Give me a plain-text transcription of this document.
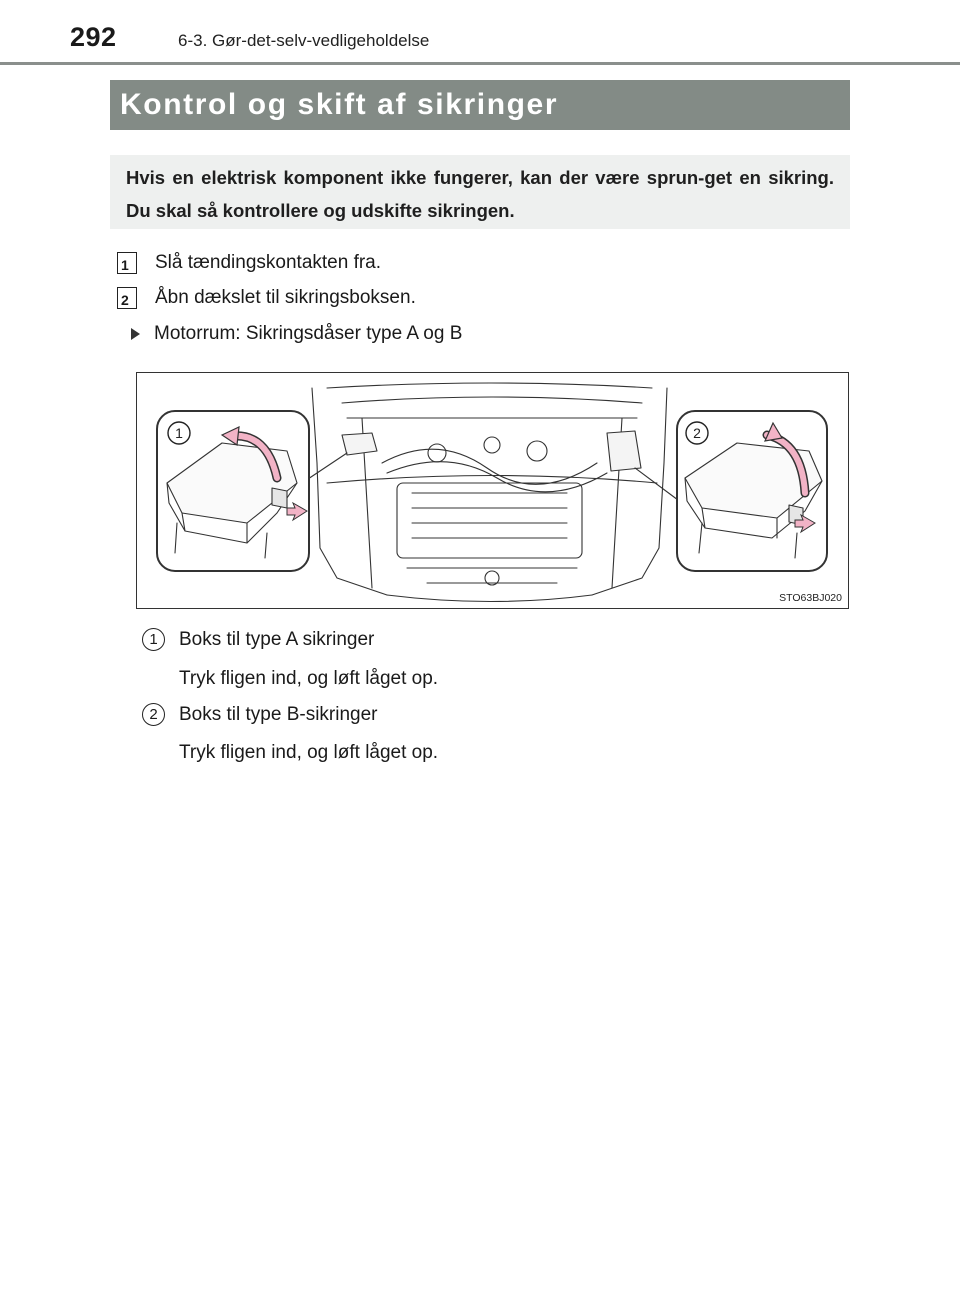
292	6-3. Gør-det-selv-vedligeholdelse
Kontrol og skift af sikringer
Hvis en elektrisk komponent ikke fungerer, kan der være sprun-get en sikring. Du skal så kontrollere og udskifte sikringen.
1	Slå tændingskontakten fra.
2	Åbn dækslet til sikringsboksen.
Motorrum: Sikringsdåser type A og B
1	2
STO63BJ020
1	Boks til type A sikringer
Tryk fligen ind, og løft låget op.
2	Boks til type B-sikringer
Tryk fligen ind, og løft låget op.
